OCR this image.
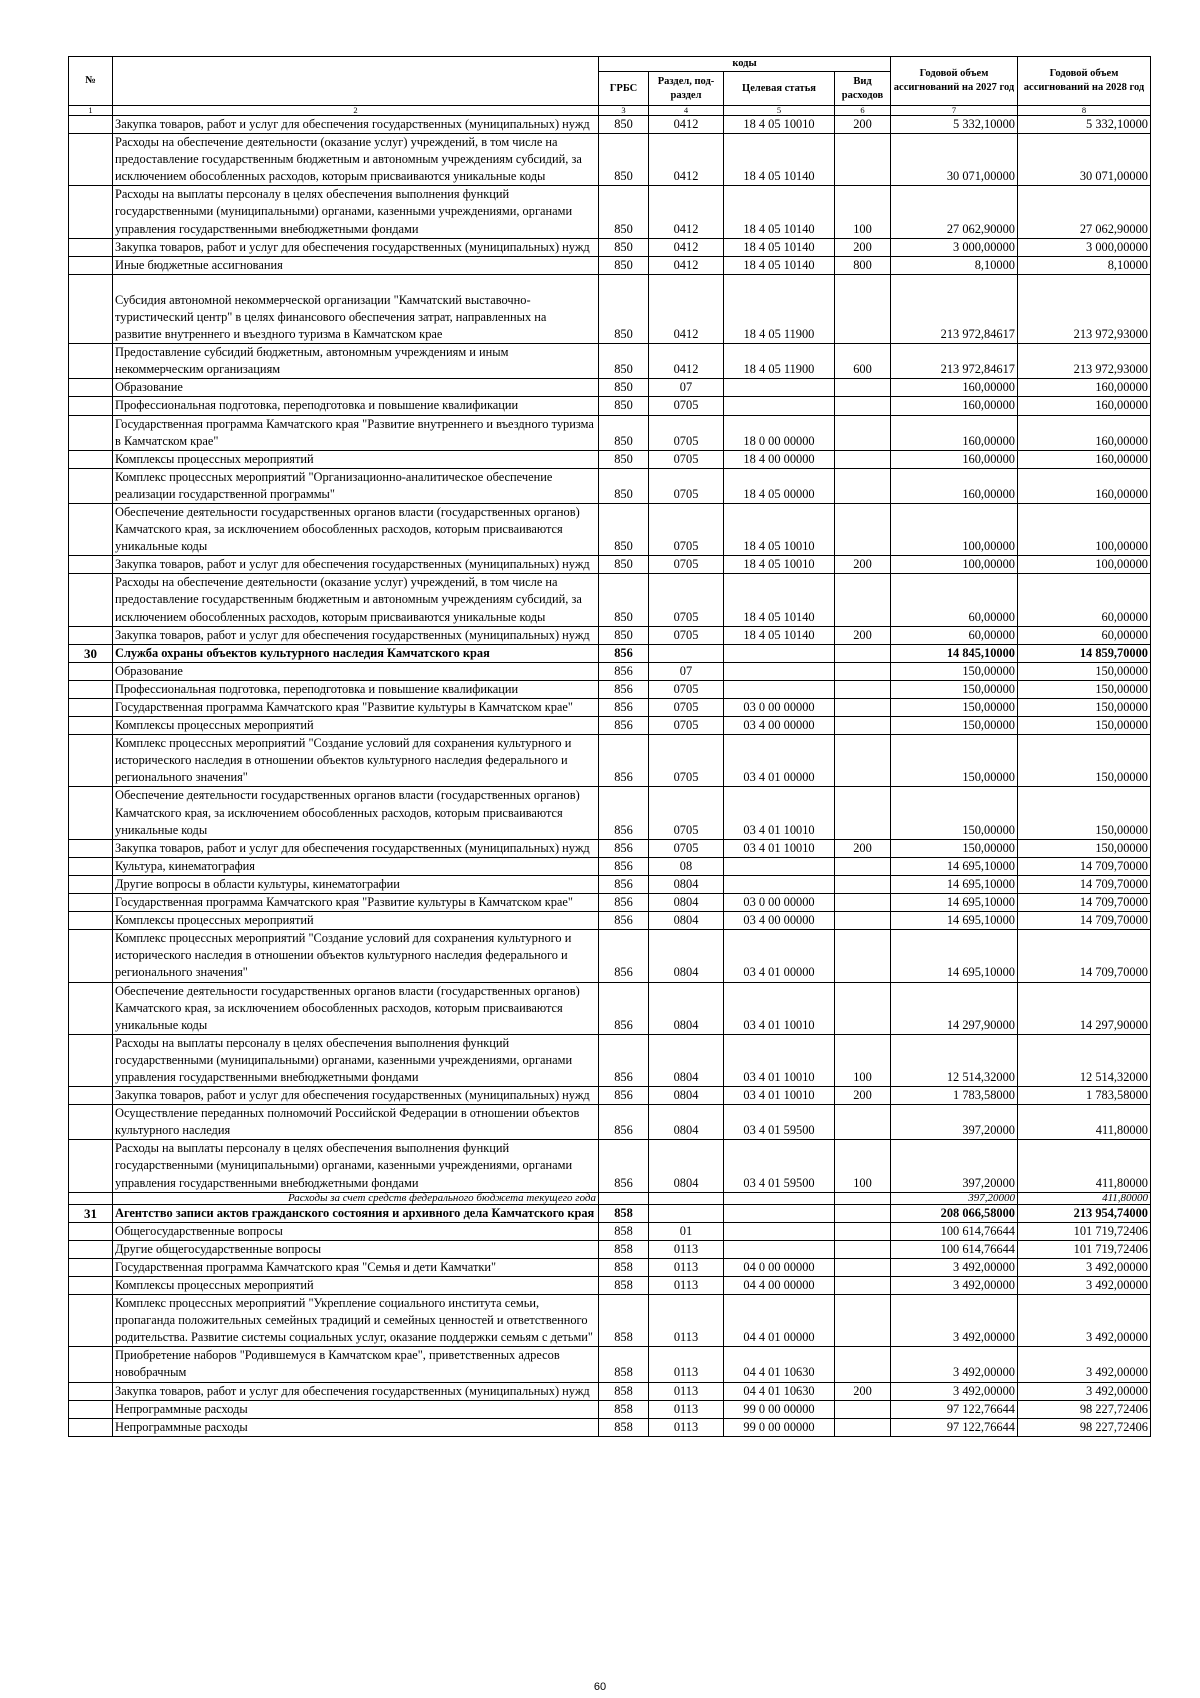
№		коды				Годовой объем ассигнований на 2027 год	Годовой объем ассигнований на 2028 год
		ГРБС	Раздел, под-раздел	Целевая статья	Вид расходов		
1	2	3	4	5	6	7	8
	Закупка товаров, работ и услуг для обеспечения государственных (муниципальных) нужд	850	0412	18 4 05 10010	200	5 332,10000	5 332,10000
	Расходы на обеспечение деятельности (оказание услуг) учреждений, в том числе на предоставление государственным бюджетным и автономным учреждениям субсидий, за исключением обособленных расходов, которым присваиваются уникальные коды	850	0412	18 4 05 10140		30 071,00000	30 071,00000
	Расходы на выплаты персоналу в целях обеспечения выполнения функций государственными (муниципальными) органами, казенными учреждениями, органами управления государственными внебюджетными фондами	850	0412	18 4 05 10140	100	27 062,90000	27 062,90000
	Закупка товаров, работ и услуг для обеспечения государственных (муниципальных) нужд	850	0412	18 4 05 10140	200	3 000,00000	3 000,00000
	Иные бюджетные ассигнования	850	0412	18 4 05 10140	800	8,10000	8,10000
	Субсидия автономной некоммерческой организации "Камчатский выставочно-туристический центр" в целях финансового обеспечения затрат, направленных на развитие внутреннего и въездного туризма в Камчатском крае	850	0412	18 4 05 11900		213 972,84617	213 972,93000
	Предоставление субсидий бюджетным, автономным учреждениям и иным некоммерческим организациям	850	0412	18 4 05 11900	600	213 972,84617	213 972,93000
	Образование	850	07			160,00000	160,00000
	Профессиональная подготовка, переподготовка и повышение квалификации	850	0705			160,00000	160,00000
	Государственная программа Камчатского края "Развитие внутреннего и въездного туризма в Камчатском крае"	850	0705	18 0 00 00000		160,00000	160,00000
	Комплексы процессных мероприятий	850	0705	18 4 00 00000		160,00000	160,00000
	Комплекс процессных мероприятий "Организационно-аналитическое обеспечение реализации государственной программы"	850	0705	18 4 05 00000		160,00000	160,00000
	Обеспечение деятельности государственных органов власти (государственных органов) Камчатского края, за исключением обособленных расходов, которым присваиваются уникальные коды	850	0705	18 4 05 10010		100,00000	100,00000
	Закупка товаров, работ и услуг для обеспечения государственных (муниципальных) нужд	850	0705	18 4 05 10010	200	100,00000	100,00000
	Расходы на обеспечение деятельности (оказание услуг) учреждений, в том числе на предоставление государственным бюджетным и автономным учреждениям субсидий, за исключением обособленных расходов, которым присваиваются уникальные коды	850	0705	18 4 05 10140		60,00000	60,00000
	Закупка товаров, работ и услуг для обеспечения государственных (муниципальных) нужд	850	0705	18 4 05 10140	200	60,00000	60,00000
30	Служба охраны объектов культурного наследия Камчатского края	856				14 845,10000	14 859,70000
	Образование	856	07			150,00000	150,00000
	Профессиональная подготовка, переподготовка и повышение квалификации	856	0705			150,00000	150,00000
	Государственная программа Камчатского края "Развитие культуры в Камчатском крае"	856	0705	03 0 00 00000		150,00000	150,00000
	Комплексы процессных мероприятий	856	0705	03 4 00 00000		150,00000	150,00000
	Комплекс процессных мероприятий "Создание условий для сохранения культурного и исторического наследия в отношении объектов культурного наследия федерального и регионального значения"	856	0705	03 4 01 00000		150,00000	150,00000
	Обеспечение деятельности государственных органов власти (государственных органов) Камчатского края, за исключением обособленных расходов, которым присваиваются уникальные коды	856	0705	03 4 01 10010		150,00000	150,00000
	Закупка товаров, работ и услуг для обеспечения государственных (муниципальных) нужд	856	0705	03 4 01 10010	200	150,00000	150,00000
	Культура, кинематография	856	08			14 695,10000	14 709,70000
	Другие вопросы в области культуры, кинематографии	856	0804			14 695,10000	14 709,70000
	Государственная программа Камчатского края "Развитие культуры в Камчатском крае"	856	0804	03 0 00 00000		14 695,10000	14 709,70000
	Комплексы процессных мероприятий	856	0804	03 4 00 00000		14 695,10000	14 709,70000
	Комплекс процессных мероприятий "Создание условий для сохранения культурного и исторического наследия в отношении объектов культурного наследия федерального и регионального значения"	856	0804	03 4 01 00000		14 695,10000	14 709,70000
	Обеспечение деятельности государственных органов власти (государственных органов) Камчатского края, за исключением обособленных расходов, которым присваиваются уникальные коды	856	0804	03 4 01 10010		14 297,90000	14 297,90000
	Расходы на выплаты персоналу в целях обеспечения выполнения функций государственными (муниципальными) органами, казенными учреждениями, органами управления государственными внебюджетными фондами	856	0804	03 4 01 10010	100	12 514,32000	12 514,32000
	Закупка товаров, работ и услуг для обеспечения государственных (муниципальных) нужд	856	0804	03 4 01 10010	200	1 783,58000	1 783,58000
	Осуществление переданных полномочий Российской Федерации в отношении объектов культурного наследия	856	0804	03 4 01 59500		397,20000	411,80000
	Расходы на выплаты персоналу в целях обеспечения выполнения функций государственными (муниципальными) органами, казенными учреждениями, органами управления государственными внебюджетными фондами	856	0804	03 4 01 59500	100	397,20000	411,80000
	Расходы за счет средств федерального бюджета текущего года					397,20000	411,80000
31	Агентство записи актов гражданского состояния и архивного дела Камчатского края	858				208 066,58000	213 954,74000
	Общегосударственные вопросы	858	01			100 614,76644	101 719,72406
	Другие общегосударственные вопросы	858	0113			100 614,76644	101 719,72406
	Государственная программа Камчатского края "Семья и дети Камчатки"	858	0113	04 0 00 00000		3 492,00000	3 492,00000
	Комплексы процессных мероприятий	858	0113	04 4 00 00000		3 492,00000	3 492,00000
	Комплекс процессных мероприятий "Укрепление социального института семьи, пропаганда положительных семейных традиций и семейных ценностей и ответственного родительства. Развитие системы социальных услуг, оказание поддержки семьям с детьми"	858	0113	04 4 01 00000		3 492,00000	3 492,00000
	Приобретение наборов "Родившемуся в Камчатском крае", приветственных адресов новобрачным	858	0113	04 4 01 10630		3 492,00000	3 492,00000
	Закупка товаров, работ и услуг для обеспечения государственных (муниципальных) нужд	858	0113	04 4 01 10630	200	3 492,00000	3 492,00000
	Непрограммные расходы	858	0113	99 0 00 00000		97 122,76644	98 227,72406
	Непрограммные расходы	858	0113	99 0 00 00000		97 122,76644	98 227,72406
60
